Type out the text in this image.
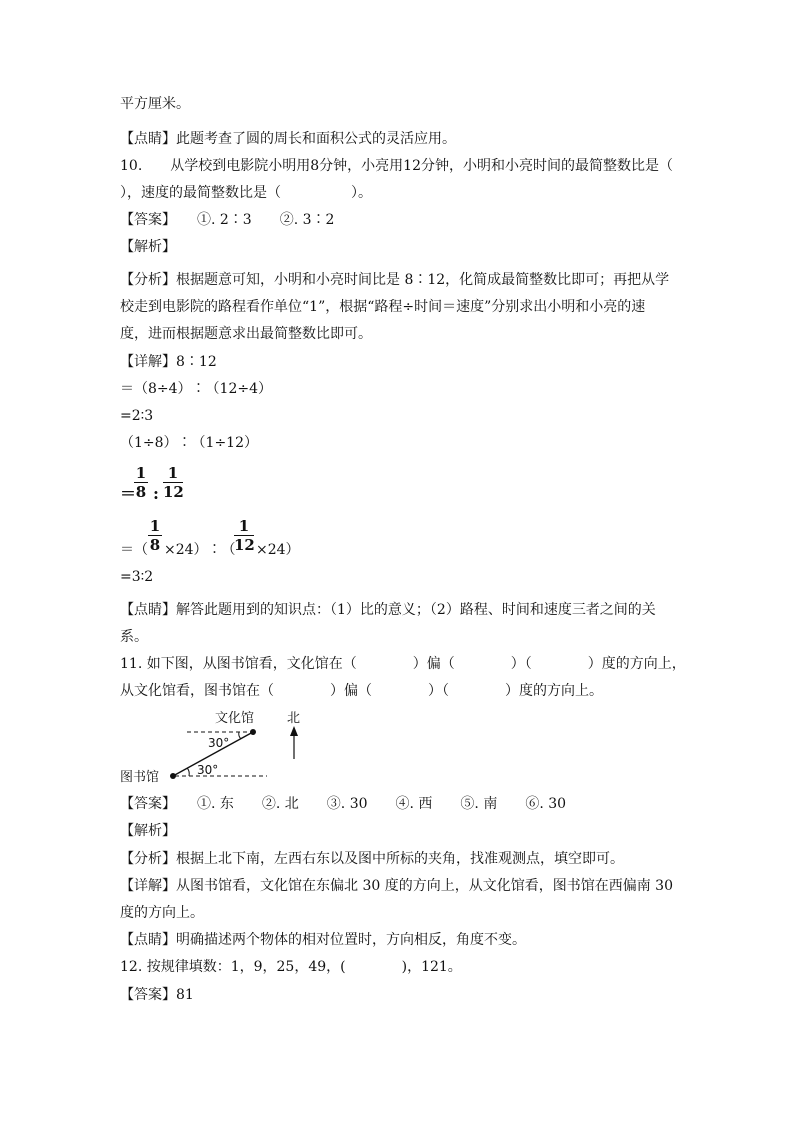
平方厘米。
【点睛】此题考查了圆的周长和面积公式的灵活应用。
10.　　从学校到电影院小明用8分钟，小亮用12分钟，小明和小亮时间的最简整数比是（
），速度的最简整数比是（　　　　　）。
【答案】　　①. 2∶3　　②. 3∶2
【解析】
【分析】根据题意可知，小明和小亮时间比是 8∶12，化简成最简整数比即可；再把从学
校走到电影院的路程看作单位“1”，根据“路程÷时间＝速度”分别求出小明和小亮的速
度，进而根据题意求出最简整数比即可。
【详解】8∶12
＝（8÷4）∶（12÷4）
=2∶3
（1÷8）∶（1÷12）
＝
1
8 :
1
12
＝（
1
8 ×24）∶（
1
12 ×24）
=3∶2
【点睛】解答此题用到的知识点：（1）比的意义；（2）路程、时间和速度三者之间的关
系。
11. 如下图，从图书馆看，文化馆在（　　　　）偏（　　　　）（　　　　）度的方向上，
从文化馆看，图书馆在（　　　　）偏（　　　　）（　　　　）度的方向上。
文化馆	北
30°
30°
图书馆
【答案】　　①. 东　　②. 北　　③. 30　　④. 西　　⑤. 南　　⑥. 30
【解析】
【分析】根据上北下南，左西右东以及图中所标的夹角，找准观测点，填空即可。
【详解】从图书馆看，文化馆在东偏北 30 度的方向上，从文化馆看，图书馆在西偏南 30
度的方向上。
【点睛】明确描述两个物体的相对位置时，方向相反，角度不变。
12. 按规律填数：1，9，25，49，(　　　　)，121。
【答案】81
